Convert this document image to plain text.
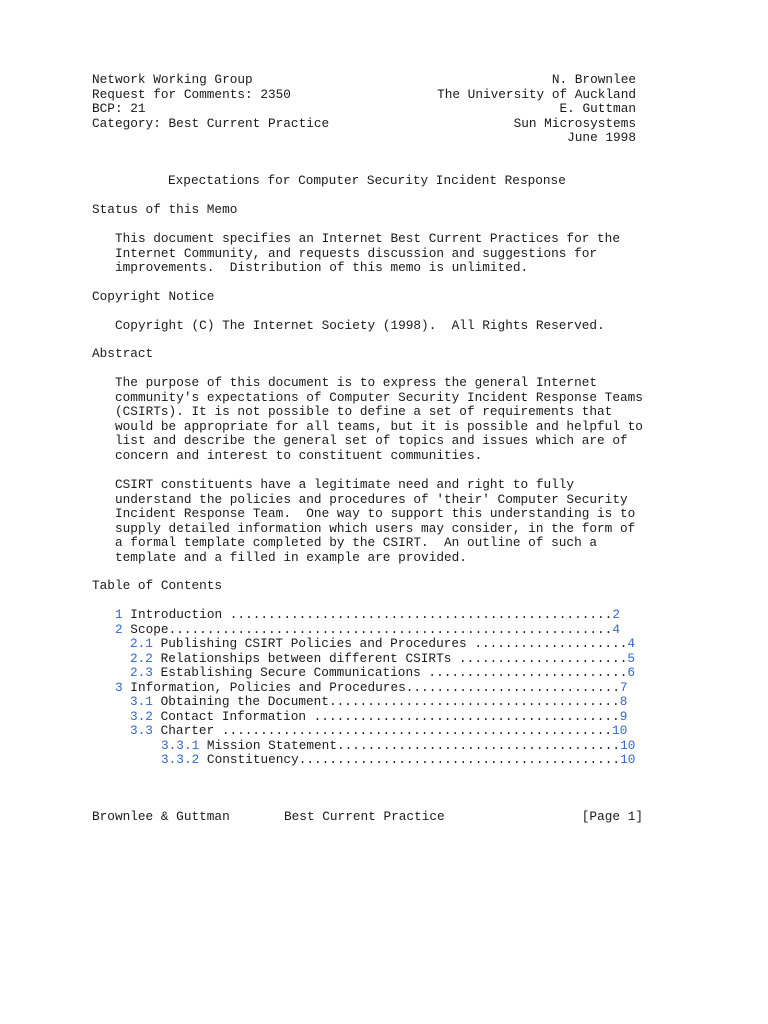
Network Working Group
Request for Comments: 2350
BCP: 21
Category: Best Current Practice
N. Brownlee
The University of Auckland
E. Guttman
Sun Microsystems
June 1998
Expectations for Computer Security Incident Response
Status of this Memo
This document specifies an Internet Best Current Practices for the
Internet Community, and requests discussion and suggestions for
improvements.  Distribution of this memo is unlimited.
Copyright Notice
Copyright (C) The Internet Society (1998).  All Rights Reserved.
Abstract
The purpose of this document is to express the general Internet
community's expectations of Computer Security Incident Response Teams
(CSIRTs). It is not possible to define a set of requirements that
would be appropriate for all teams, but it is possible and helpful to
list and describe the general set of topics and issues which are of
concern and interest to constituent communities.
CSIRT constituents have a legitimate need and right to fully
understand the policies and procedures of 'their' Computer Security
Incident Response Team.  One way to support this understanding is to
supply detailed information which users may consider, in the form of
a formal template completed by the CSIRT.  An outline of such a
template and a filled in example are provided.
Table of Contents
1 Introduction ..................................................2
2 Scope..........................................................4
2.1 Publishing CSIRT Policies and Procedures ....................4
2.2 Relationships between different CSIRTs ......................5
2.3 Establishing Secure Communications ..........................6
3 Information, Policies and Procedures............................7
3.1 Obtaining the Document......................................8
3.2 Contact Information ........................................9
3.3 Charter ...................................................10
3.3.1 Mission Statement.....................................10
3.3.2 Constituency..........................................10
Brownlee & Guttman	Best Current Practice	[Page 1]
